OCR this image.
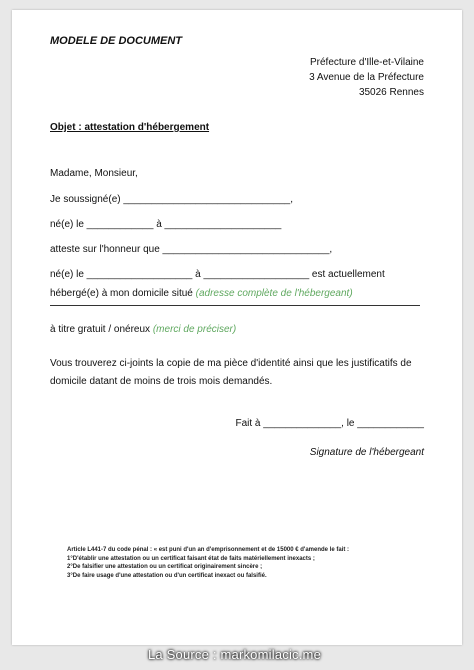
MODELE DE DOCUMENT
Préfecture d'Ille-et-Vilaine
3 Avenue de la Préfecture
35026 Rennes
Objet : attestation d'hébergement
Madame, Monsieur,
Je soussigné(e) ______________________________,
né(e) le ____________ à _____________________
atteste sur l'honneur que ______________________________,
né(e) le ___________________ à ___________________ est actuellement
hébergé(e) à mon domicile situé (adresse complète de l'hébergeant)
à titre gratuit / onéreux (merci de préciser)
Vous trouverez ci-joints la copie de ma pièce d'identité ainsi que les justificatifs de domicile datant de moins de trois mois demandés.
Fait à ______________, le ____________
Signature de l'hébergeant
Article L441-7 du code pénal : « est puni d'un an d'emprisonnement et de 15000 € d'amende le fait :
1°D'établir une attestation ou un certificat faisant état de faits matériellement inexacts ;
2°De falsifier une attestation ou un certificat originairement sincère ;
3°De faire usage d'une attestation ou d'un certificat inexact ou falsifié.
La Source : markomilacic.me
